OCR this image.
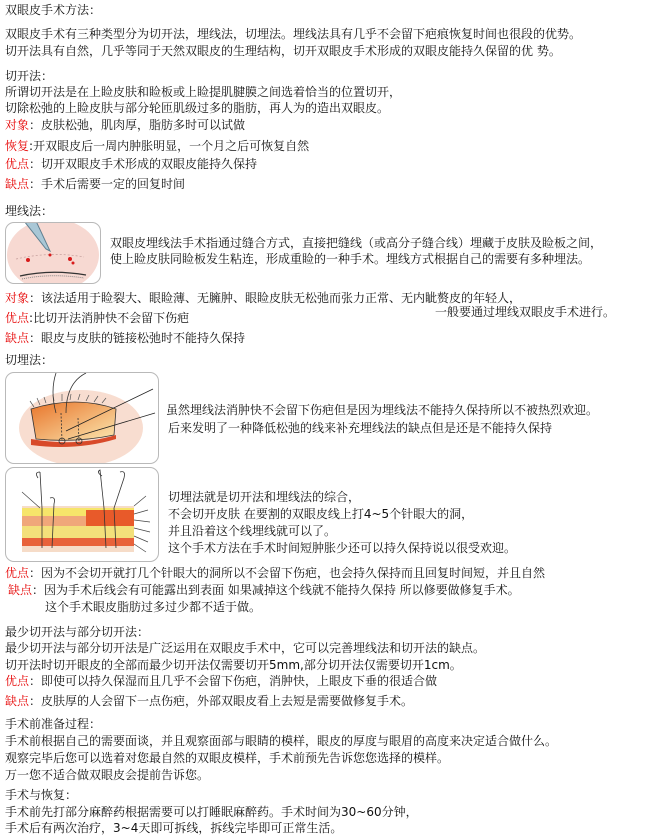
双眼皮手术方法：
双眼皮手术有三种类型分为切开法，埋线法，切埋法。埋线法具有几乎不会留下疤痕恢复时间也很段的优势。
切开法具有自然，几乎等同于天然双眼皮的生理结构，切开双眼皮手术形成的双眼皮能持久保留的优 势。
切开法：
所谓切开法是在上睑皮肤和睑板或上睑提肌腱膜之间选着恰当的位置切开，
切除松弛的上睑皮肤与部分轮匝肌级过多的脂肪，再人为的造出双眼皮。
对象：皮肤松弛，肌肉厚，脂肪多时可以试做
恢复:开双眼皮后一周内肿胀明显，一个月之后可恢复自然
优点：切开双眼皮手术形成的双眼皮能持久保持
缺点：手术后需要一定的回复时间
埋线法：
双眼皮埋线法手术指通过缝合方式，直接把缝线（或高分子缝合线）埋藏于皮肤及睑板之间，
使上睑皮肤同睑板发生粘连，形成重睑的一种手术。埋线方式根据自己的需要有多种埋法。
对象：该法适用于睑裂大、眼睑薄、无臃肿、眼睑皮肤无松弛而张力正常、无内眦赘皮的年轻人，
一般要通过埋线双眼皮手术进行。
优点:比切开法消肿快不会留下伤疤
缺点：眼皮与皮肤的链接松弛时不能持久保持
切埋法：
虽然埋线法消肿快不会留下伤疤但是因为埋线法不能持久保持所以不被热烈欢迎。
后来发明了一种降低松弛的线来补充埋线法的缺点但是还是不能持久保持
切埋法就是切开法和埋线法的综合，
不会切开皮肤 在要割的双眼皮线上打4~5个针眼大的洞，
并且沿着这个线埋线就可以了。
这个手术方法在手术时间短肿胀少还可以持久保持说以很受欢迎。
优点：因为不会切开就打几个针眼大的洞所以不会留下伤疤，也会持久保持而且回复时间短，并且自然
缺点：因为手术后线会有可能露出到表面 如果减掉这个线就不能持久保持 所以修要做修复手术。
这个手术眼皮脂肪过多过少都不适于做。
最少切开法与部分切开法：
最少切开法与部分切开法是广泛运用在双眼皮手术中，它可以完善埋线法和切开法的缺点。
切开法时切开眼皮的全部而最少切开法仅需要切开5mm,部分切开法仅需要切开1cm。
优点：即使可以持久保湿而且几乎不会留下伤疤，消肿快，上眼皮下垂的很适合做
缺点：皮肤厚的人会留下一点伤疤，外部双眼皮看上去短是需要做修复手术。
手术前准备过程：
手术前根据自己的需要面谈，并且观察面部与眼睛的模样，眼皮的厚度与眼眉的高度来决定适合做什么。
观察完毕后您可以选着对您最自然的双眼皮模样，手术前预先告诉您您选择的模样。
万一您不适合做双眼皮会提前告诉您。
手术与恢复：
手术前先打部分麻醉药根据需要可以打睡眠麻醉药。手术时间为30~60分钟，
手术后有两次治疗，3~4天即可拆线，拆线完毕即可正常生活。
